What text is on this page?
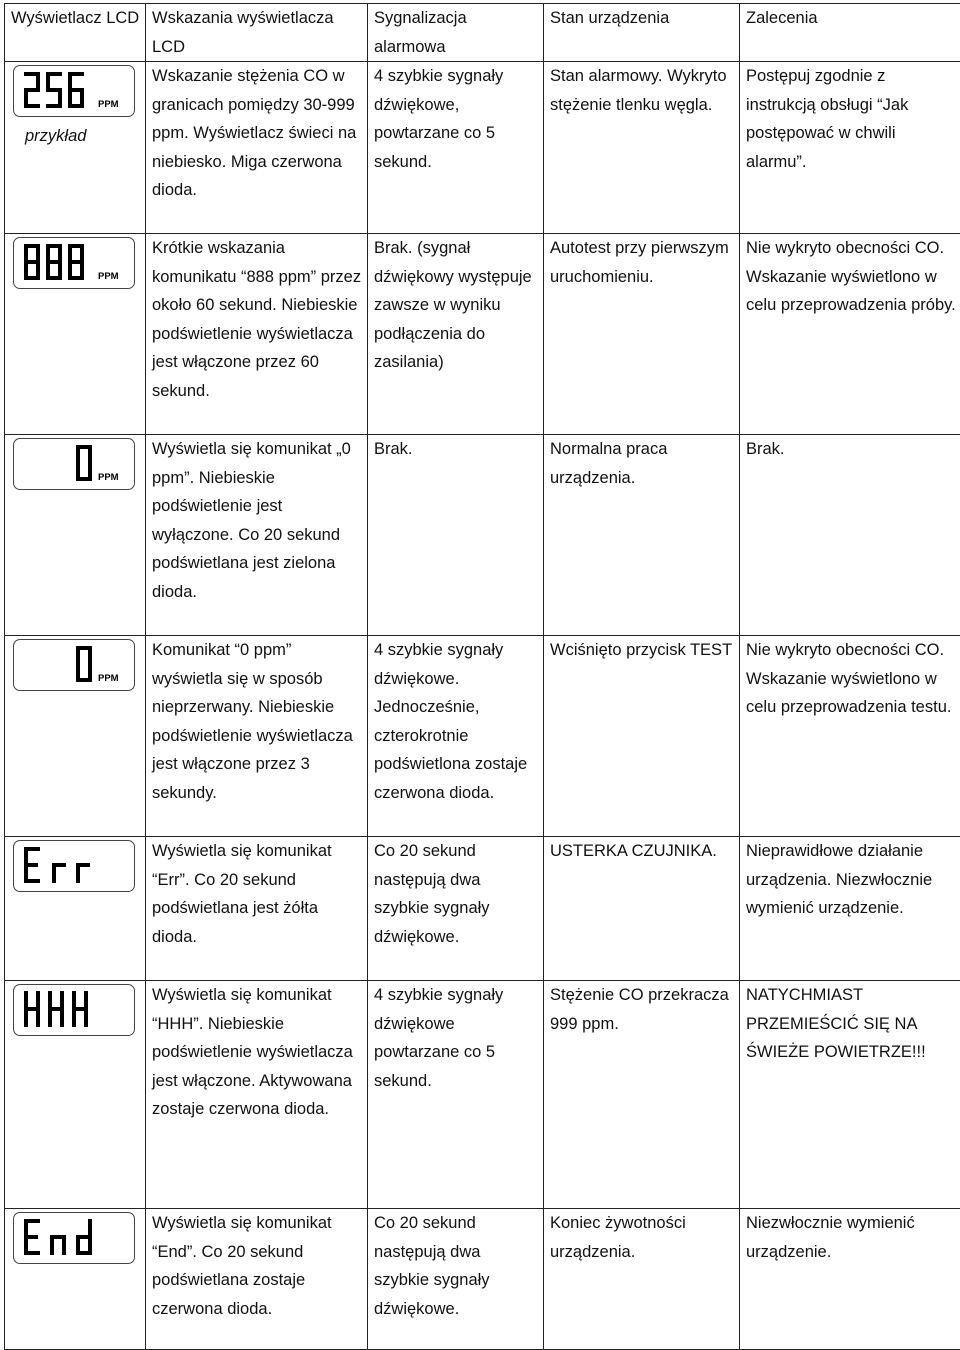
Wyświetlacz LCD	Wskazania wyświetlacza LCD	Sygnalizacja alarmowa	Stan urządzenia	Zalecenia

PPM
przykład	Wskazanie stężenia CO w granicach pomiędzy 30-999 ppm. Wyświetlacz świeci na niebiesko. Miga czerwona dioda.	4 szybkie sygnały dźwiękowe, powtarzane co 5 sekund.	Stan alarmowy. Wykryto stężenie tlenku węgla.	Postępuj zgodnie z instrukcją obsługi “Jak postępować w chwili alarmu”.

PPM	Krótkie wskazania komunikatu “888 ppm” przez około 60 sekund. Niebieskie podświetlenie wyświetlacza jest włączone przez 60 sekund.	Brak. (sygnał dźwiękowy występuje zawsze w wyniku podłączenia do zasilania)	Autotest przy pierwszym uruchomieniu.	Nie wykryto obecności CO. Wskazanie wyświetlono w celu przeprowadzenia próby.

PPM	Wyświetla się komunikat „0 ppm”. Niebieskie podświetlenie jest wyłączone. Co 20 sekund podświetlana jest zielona dioda.	Brak.	Normalna praca urządzenia.	Brak.

PPM	Komunikat “0 ppm” wyświetla się w sposób nieprzerwany. Niebieskie podświetlenie wyświetlacza jest włączone przez 3 sekundy.	4 szybkie sygnały dźwiękowe. Jednocześnie, czterokrotnie podświetlona zostaje czerwona dioda.	Wciśnięto przycisk TEST	Nie wykryto obecności CO. Wskazanie wyświetlono w celu przeprowadzenia testu.

	Wyświetla się komunikat “Err”. Co 20 sekund podświetlana jest żółta dioda.	Co 20 sekund następują dwa szybkie sygnały dźwiękowe.	USTERKA CZUJNIKA.	Nieprawidłowe działanie urządzenia. Niezwłocznie wymienić urządzenie.

	Wyświetla się komunikat “HHH”. Niebieskie podświetlenie wyświetlacza jest włączone. Aktywowana zostaje czerwona dioda.	4 szybkie sygnały dźwiękowe powtarzane co 5 sekund.	Stężenie CO przekracza 999 ppm.	NATYCHMIAST PRZEMIEŚCIĆ SIĘ NA ŚWIEŻE POWIETRZE!!!

	Wyświetla się komunikat “End”. Co 20 sekund podświetlana zostaje czerwona dioda.	Co 20 sekund następują dwa szybkie sygnały dźwiękowe.	Koniec żywotności urządzenia.	Niezwłocznie wymienić urządzenie.
